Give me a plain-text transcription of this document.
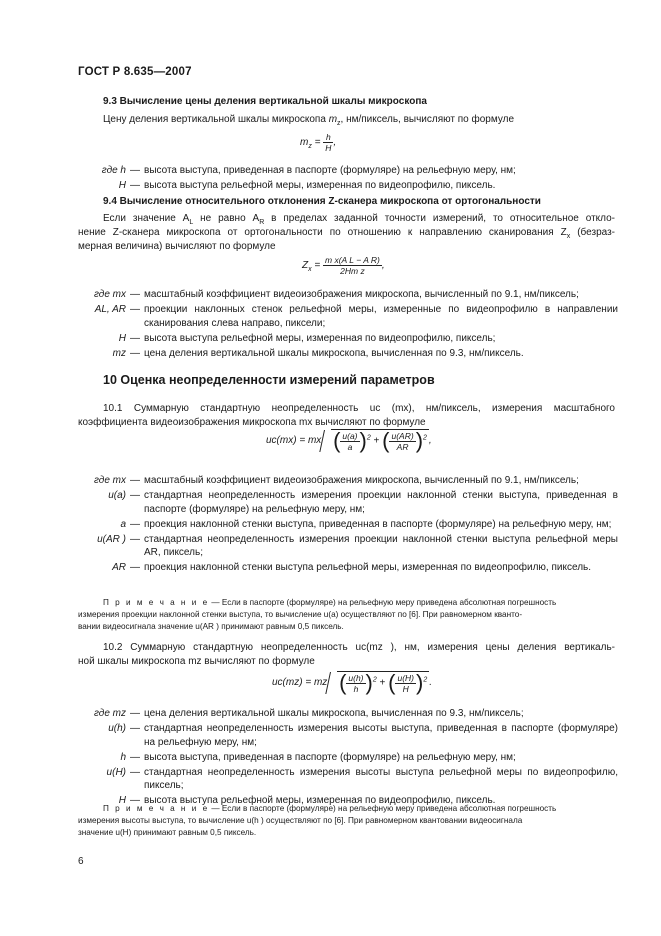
ГОСТ Р 8.635—2007
9.3 Вычисление цены деления вертикальной шкалы микроскопа
Цену деления вертикальной шкалы микроскопа $m_z$, нм/пиксель, вычисляют по формуле
$m_z = \frac{h}{H}$ ,
где h — высота выступа, приведенная в паспорте (формуляре) на рельефную меру, нм;
H — высота выступа рельефной меры, измеренная по видеопрофилю, пиксель.
9.4 Вычисление относительного отклонения Z-сканера микроскопа от ортогональности
Если значение $A_L$ не равно $A_R$ в пределах заданной точности измерений, то относительное откло-
нение Z-сканера микроскопа от ортогональности по отношению к направлению сканирования $Z_x$ (безраз-
мерная величина) вычисляют по формуле
$Z_x = \frac{\text{m x(A L − A R)}}{\text{2Hm z}}$ ,
где mx — масштабный коэффициент видеоизображения микроскопа, вычисленный по 9.1, нм/пиксель;
AL, AR — проекции наклонных стенок рельефной меры, измеренные по видеопрофилю в направлении сканирования слева направо, пиксели;
H — высота выступа рельефной меры, измеренная по видеопрофилю, пиксель;
mz — цена деления вертикальной шкалы микроскопа, вычисленная по 9.3, нм/пиксель.
10 Оценка неопределенности измерений параметров
10.1 Суммарную стандартную неопределенность uc (mx), нм/пиксель, измерения масштабного
коэффициента видеоизображения микроскопа mx вычисляют по формуле
uc(mx) = mx ( $\frac{u(a)}{a} )^2$ + ( $\frac{u(AR)}{AR} )^2$ ,
где mx — масштабный коэффициент видеоизображения микроскопа, вычисленный по 9.1, нм/пиксель;
u(a) — стандартная неопределенность измерения проекции наклонной стенки выступа, приведенная в паспорте (формуляре) на рельефную меру, нм;
a — проекция наклонной стенки выступа, приведенная в паспорте (формуляре) на рельефную меру, нм;
u(AR ) — стандартная неопределенность измерения проекции наклонной стенки выступа рельефной меры AR, пиксель;
AR — проекция наклонной стенки выступа рельефной меры, измеренная по видеопрофилю, пиксель.
П р и м е ч а н и е — Если в паспорте (формуляре) на рельефную меру приведена абсолютная погрешность
измерения проекции наклонной стенки выступа, то вычисление u(a) осуществляют по [6]. При равномерном кванто-
вании видеосигнала значение u(AR ) принимают равным 0,5 пиксель.
10.2 Суммарную стандартную неопределенность uc(mz ), нм, измерения цены деления вертикаль-
ной шкалы микроскопа mz вычисляют по формуле
uc(mz) = mz ( $\frac{u(h)}{h} )^2$ + ( $\frac{u(H)}{H} )^2$ .
где mz — цена деления вертикальной шкалы микроскопа, вычисленная по 9.3, нм/пиксель;
u(h) — стандартная неопределенность измерения высоты выступа, приведенная в паспорте (формуляре) на рельефную меру, нм;
h — высота выступа, приведенная в паспорте (формуляре) на рельефную меру, нм;
u(H) — стандартная неопределенность измерения высоты выступа рельефной меры по видеопрофилю, пиксель;
H — высота выступа рельефной меры, измеренная по видеопрофилю, пиксель.
П р и м е ч а н и е — Если в паспорте (формуляре) на рельефную меру приведена абсолютная погрешность
измерения высоты выступа, то вычисление u(h ) осуществляют по [6]. При равномерном квантовании видеосигнала
значение u(H) принимают равным 0,5 пиксель.
6
